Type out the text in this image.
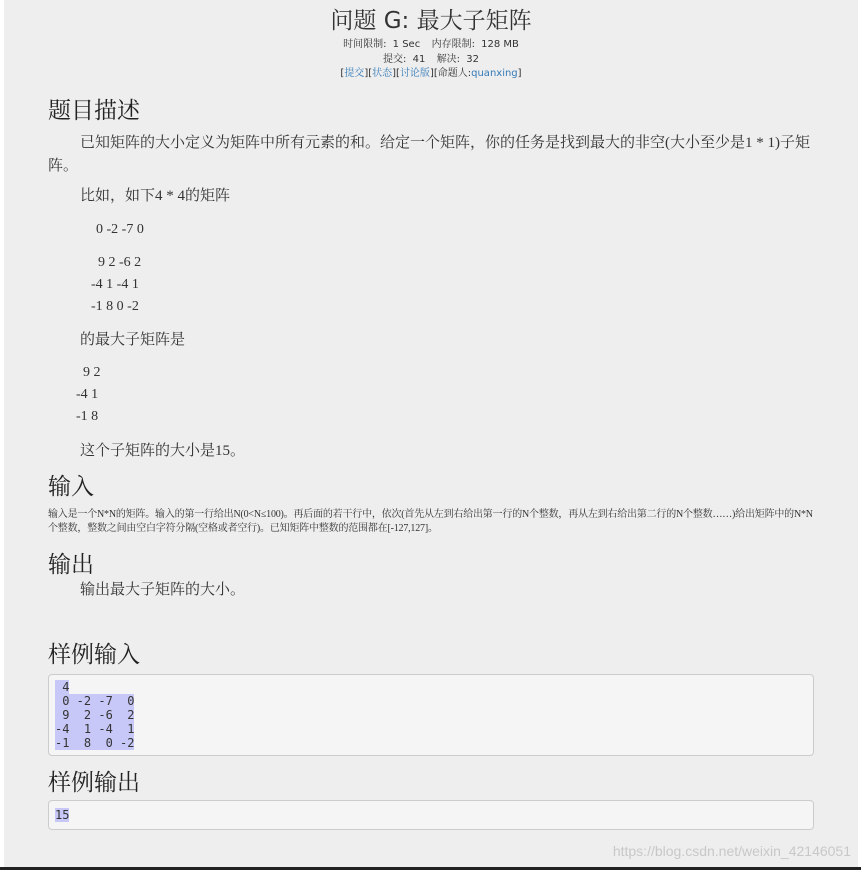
问题 G: 最大子矩阵
时间限制: 1 Sec 内存限制: 128 MB
提交: 41 解决: 32
[提交][状态][讨论版][命题人:quanxing]
题目描述

已知矩阵的大小定义为矩阵中所有元素的和。给定一个矩阵，你的任务是找到最大的非空(大小至少是1 * 1)子矩阵。

比如，如下4 * 4的矩阵

0 -2 -7 0
9 2 -6 2
-4 1 -4 1
-1 8 0 -2

的最大子矩阵是

9 2
-4 1
-1 8

这个子矩阵的大小是15。

输入
输入是一个N*N的矩阵。输入的第一行给出N(0<N≤100)。再后面的若干行中，依次(首先从左到右给出第一行的N个整数，再从左到右给出第二行的N个整数……)给出矩阵中的N*N个整数，整数之间由空白字符分隔(空格或者空行)。已知矩阵中整数的范围都在[-127,127]。
输出

输出最大子矩阵的大小。

样例输入
4
0 -2 -7  0
9  2 -6  2
-4  1 -4  1
-1  8  0 -2
样例输出
15
https://blog.csdn.net/weixin_42146051
